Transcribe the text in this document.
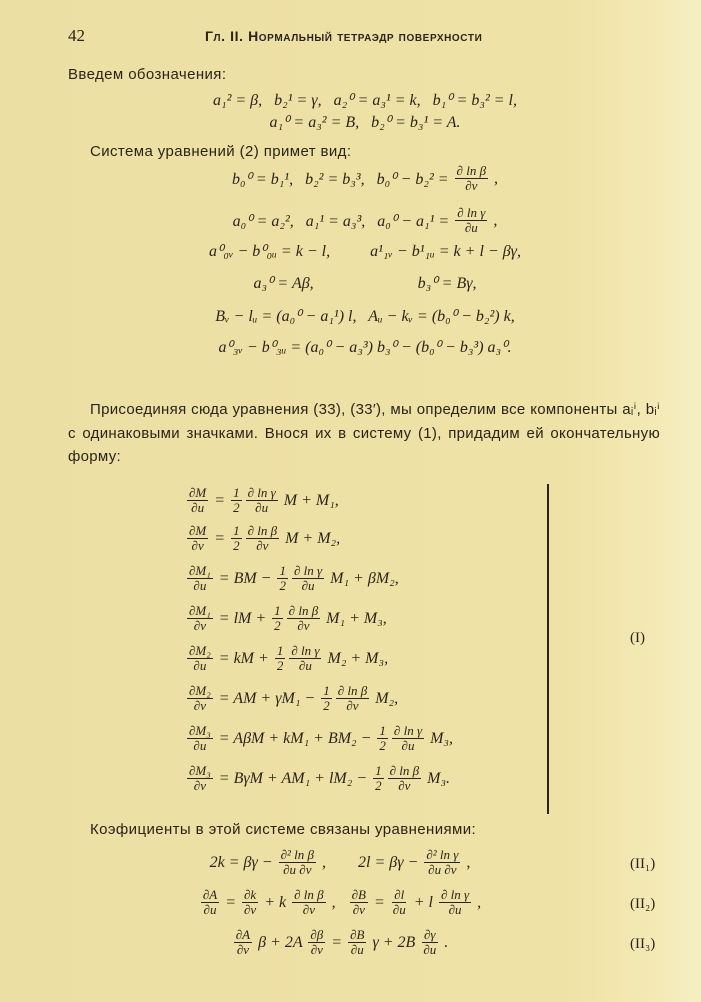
42	Гл. II. Нормальный тетраэдр поверхности
Введем обозначения:
a₁² = β,   b₂¹ = γ,   a₂⁰ = a₃¹ = k,   b₁⁰ = b₃² = l,
a₁⁰ = a₃² = B,   b₂⁰ = b₃¹ = A.
Система уравнений (2) примет вид:
b₀⁰ = b₁¹,   b₂² = b₃³,   $b_0^0 - b_2^2 = \frac{\text{∂ ln β}}{\partial v}$ ,
a₀⁰ = a₂²,   a₁¹ = a₃³,   $a_0^0 - a_1^1 = \frac{\text{∂ ln γ}}{\partial u}$ ,
a⁰₀ᵥ − b⁰₀ᵤ = k − l,          a¹₁ᵥ − b¹₁ᵤ = k + l − βγ,
a₃⁰ = Aβ,                          b₃⁰ = Bγ,
Bᵥ − lᵤ = (a₀⁰ − a₁¹) l,   Aᵤ − kᵥ = (b₀⁰ − b₂²) k,
a⁰₃ᵥ − b⁰₃ᵤ = (a₀⁰ − a₃³) b₃⁰ − (b₀⁰ − b₃³) a₃⁰.
Присоединяя сюда уравнения (33), (33′), мы определим все компоненты aᵢⁱ, bᵢⁱ с одинаковыми значками. Внося их в систему (1), придадим ей окончательную форму:
$\frac{\partial M}{\partial u} = \frac{1}{2} \frac{\text{∂ ln γ}}{\partial u}$ M + M₁,
$\frac{\partial M}{\partial v} = \frac{1}{2} \frac{\text{∂ ln β}}{\partial v}$ M + M₂,
$\frac{\text{∂M₁}}{\partial u}$ = BM − $\frac{1}{2} \frac{\text{∂ ln γ}}{\partial u} M_1 + \beta M_2$,
$\frac{\text{∂M₁}}{\partial v}$ = lM + $\frac{1}{2} \frac{\text{∂ ln β}}{\partial v} M_1 + M_3$,
$\frac{\text{∂M₂}}{\partial u}$ = kM + $\frac{1}{2} \frac{\text{∂ ln γ}}{\partial u} M_2 + M_3$,
$\frac{\text{∂M₂}}{\partial v}$ = AM + $\gamma M_1 - \frac{1}{2} \frac{\text{∂ ln β}}{\partial v} M_2$,
$\frac{\text{∂M₃}}{\partial u} = A\beta M + kM_1 + BM_2 - \frac{1}{2} \frac{\text{∂ ln γ}}{\partial u} M_3$,
$\frac{\text{∂M₃}}{\partial v} = B\gamma M + AM_1 + lM_2 - \frac{1}{2} \frac{\text{∂ ln β}}{\partial v} M_3$.
(I)
Коэфициенты в этой системе связаны уравнениями:
$2k = \beta\gamma - \frac{\text{∂² ln β}}{\partial u \partial v}$ ,        $2l = \beta\gamma - \frac{\text{∂² ln γ}}{\partial u \partial v}$ ,	(II₁)
$\frac{\partial A}{\partial u} = \frac{\partial k}{\partial v} + k \frac{\text{∂ ln β}}{\partial v}$ , $\frac{\partial B}{\partial v} = \frac{\partial l}{\partial u} + l \frac{\text{∂ ln γ}}{\partial u}$ ,	(II₂)
$\frac{\partial A}{\partial v}$ $\beta + 2A \frac{\partial\beta}{\partial v} = \frac{\partial B}{\partial u}$ $\gamma + 2B \frac{\partial\gamma}{\partial u}$ .	(II₃)
